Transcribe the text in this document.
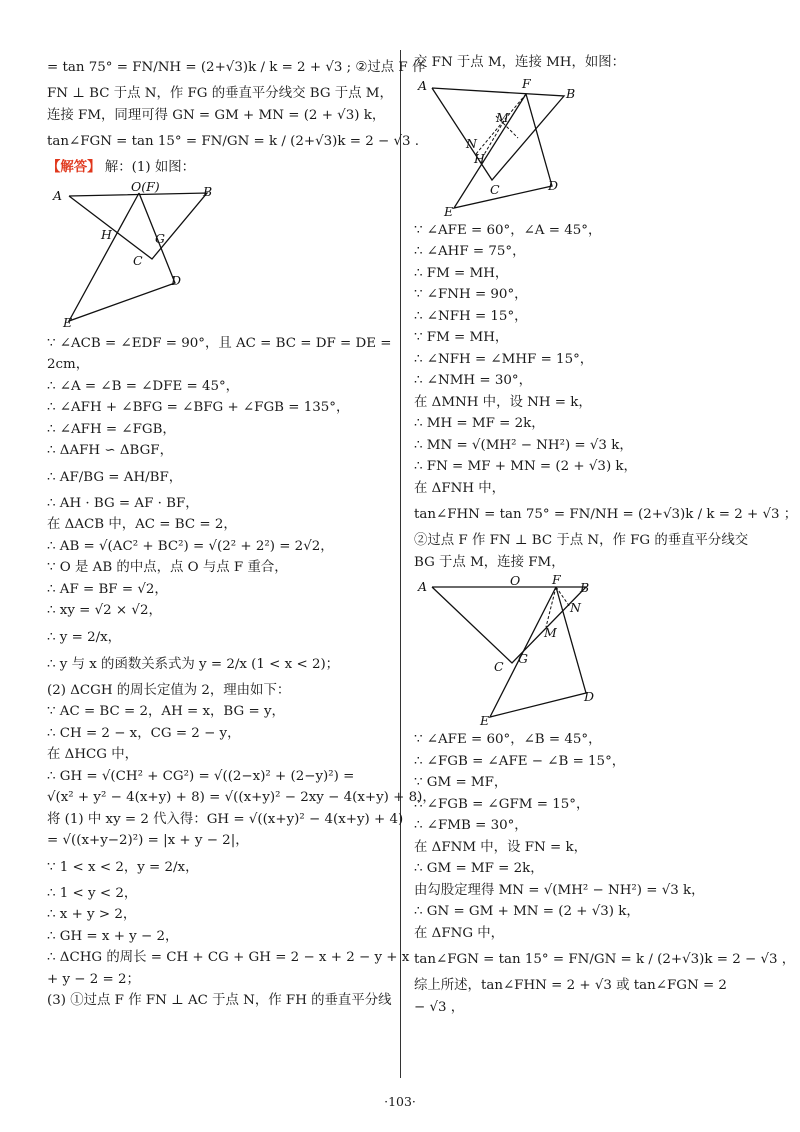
= tan 75° = FN/NH = (2+√3)k / k = 2 + √3 ; ②过点 F 作
FN ⊥ BC 于点 N，作 FG 的垂直平分线交 BG 于点 M，
连接 FM，同理可得 GN = GM + MN = (2 + √3) k，
tan∠FGN = tan 15° = FN/GN = k / (2+√3)k = 2 − √3 .
【解答】 解：(1) 如图：
A
O(F)	B
H	G
C
D
E
∵ ∠ACB = ∠EDF = 90°，且 AC = BC = DF = DE =
2cm，
∴ ∠A = ∠B = ∠DFE = 45°，
∴ ∠AFH + ∠BFG = ∠BFG + ∠FGB = 135°，
∴ ∠AFH = ∠FGB，
∴ ΔAFH ∽ ΔBGF，
∴ AF/BG = AH/BF，
∴ AH · BG = AF · BF，
在 ΔACB 中，AC = BC = 2，
∴ AB = √(AC² + BC²) = √(2² + 2²) = 2√2，
∵ O 是 AB 的中点，点 O 与点 F 重合，
∴ AF = BF = √2，
∴ xy = √2 × √2，
∴ y = 2/x，
∴ y 与 x 的函数关系式为 y = 2/x (1 < x < 2)；
(2) ΔCGH 的周长定值为 2，理由如下：
∵ AC = BC = 2，AH = x，BG = y，
∴ CH = 2 − x，CG = 2 − y，
在 ΔHCG 中，
∴ GH = √(CH² + CG²) = √((2−x)² + (2−y)²) =
√(x² + y² − 4(x+y) + 8) = √((x+y)² − 2xy − 4(x+y) + 8)，
将 (1) 中 xy = 2 代入得：GH = √((x+y)² − 4(x+y) + 4)
= √((x+y−2)²) = |x + y − 2|，
∵ 1 < x < 2，y = 2/x，
∴ 1 < y < 2，
∴ x + y > 2，
∴ GH = x + y − 2，
∴ ΔCHG 的周长 = CH + CG + GH = 2 − x + 2 − y + x
+ y − 2 = 2；
(3) ①过点 F 作 FN ⊥ AC 于点 N，作 FH 的垂直平分线
交 FN 于点 M，连接 MH，如图：
A	F
B
M
N
H
C	D
E
∵ ∠AFE = 60°，∠A = 45°，
∴ ∠AHF = 75°，
∴ FM = MH，
∵ ∠FNH = 90°，
∴ ∠NFH = 15°，
∵ FM = MH，
∴ ∠NFH = ∠MHF = 15°，
∴ ∠NMH = 30°，
在 ΔMNH 中，设 NH = k，
∴ MH = MF = 2k，
∴ MN = √(MH² − NH²) = √3 k，
∴ FN = MF + MN = (2 + √3) k，
在 ΔFNH 中，
tan∠FHN = tan 75° = FN/NH = (2+√3)k / k = 2 + √3 ；
②过点 F 作 FN ⊥ BC 于点 N，作 FG 的垂直平分线交
BG 于点 M，连接 FM，
A	O	F
B
N
M
G
C
D
E
∵ ∠AFE = 60°，∠B = 45°，
∴ ∠FGB = ∠AFE − ∠B = 15°，
∵ GM = MF，
∴ ∠FGB = ∠GFM = 15°，
∴ ∠FMB = 30°，
在 ΔFNM 中，设 FN = k，
∴ GM = MF = 2k，
由勾股定理得 MN = √(MH² − NH²) = √3 k，
∴ GN = GM + MN = (2 + √3) k，
在 ΔFNG 中，
tan∠FGN = tan 15° = FN/GN = k / (2+√3)k = 2 − √3 ，
综上所述，tan∠FHN = 2 + √3 或 tan∠FGN = 2
− √3 ，
·103·
